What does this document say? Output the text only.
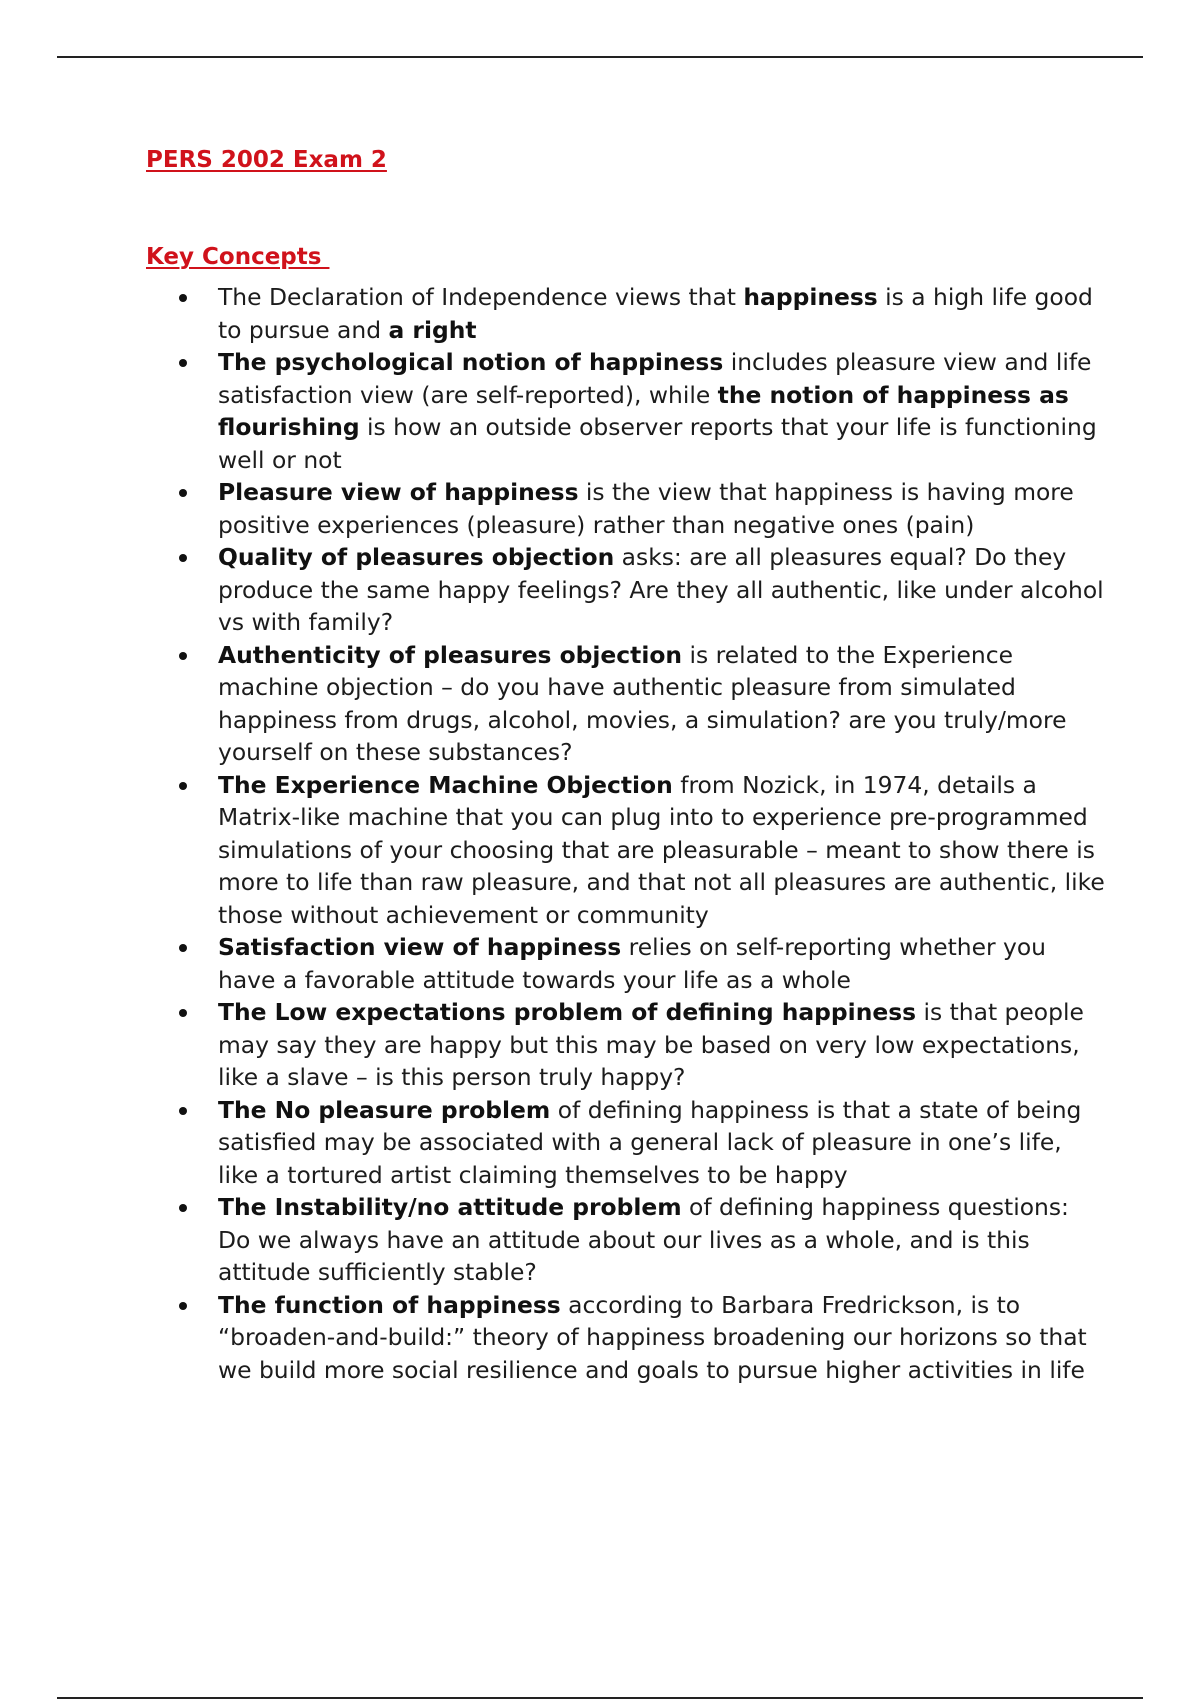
PERS 2002 Exam 2
Key Concepts
The Declaration of Independence views that happiness is a high life good to pursue and a right
The psychological notion of happiness includes pleasure view and life satisfaction view (are self-reported), while the notion of happiness as flourishing is how an outside observer reports that your life is functioning well or not
Pleasure view of happiness is the view that happiness is having more positive experiences (pleasure) rather than negative ones (pain)
Quality of pleasures objection asks: are all pleasures equal? Do they produce the same happy feelings? Are they all authentic, like under alcohol vs with family?
Authenticity of pleasures objection is related to the Experience machine objection – do you have authentic pleasure from simulated happiness from drugs, alcohol, movies, a simulation? are you truly/more yourself on these substances?
The Experience Machine Objection from Nozick, in 1974, details a Matrix-like machine that you can plug into to experience pre-programmed simulations of your choosing that are pleasurable – meant to show there is more to life than raw pleasure, and that not all pleasures are authentic, like those without achievement or community
Satisfaction view of happiness relies on self-reporting whether you have a favorable attitude towards your life as a whole
The Low expectations problem of defining happiness is that people may say they are happy but this may be based on very low expectations, like a slave – is this person truly happy?
The No pleasure problem of defining happiness is that a state of being satisfied may be associated with a general lack of pleasure in one’s life, like a tortured artist claiming themselves to be happy
The Instability/no attitude problem of defining happiness questions: Do we always have an attitude about our lives as a whole, and is this attitude sufficiently stable?
The function of happiness according to Barbara Fredrickson, is to “broaden-and-build:” theory of happiness broadening our horizons so that we build more social resilience and goals to pursue higher activities in life
